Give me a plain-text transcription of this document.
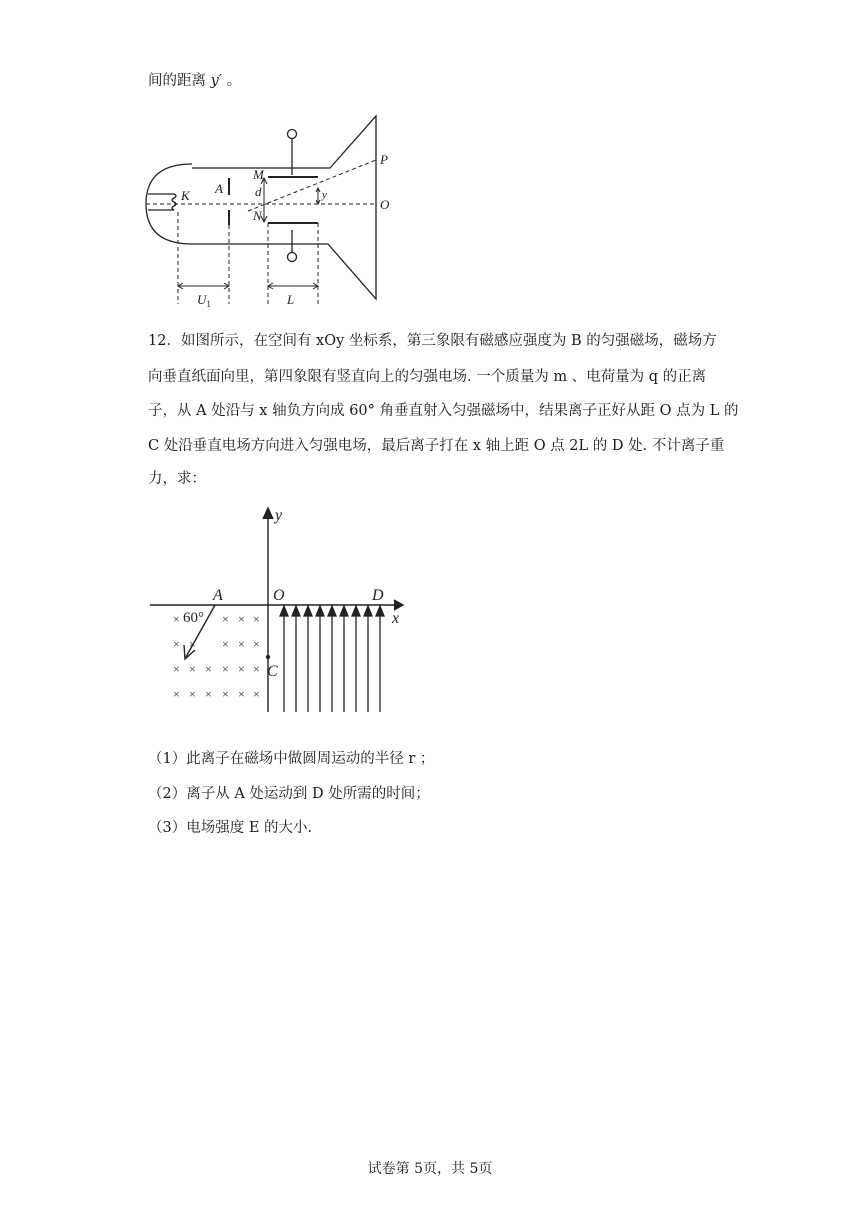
间的距离 y′ 。
K A
M
d
N
y
P
O
L
$U_1$
12．如图所示，在空间有 xOy 坐标系，第三象限有磁感应强度为 B 的匀强磁场，磁场方
向垂直纸面向里，第四象限有竖直向上的匀强电场. 一个质量为 m 、电荷量为 q 的正离
子，从 A 处沿与 x 轴负方向成 60° 角垂直射入匀强磁场中，结果离子正好从距 O 点为 L 的
C 处沿垂直电场方向进入匀强电场，最后离子打在 x 轴上距 O 点 2L 的 D 处. 不计离子重
力，求：
×	× × ×
× × × × ×
× × × × × ×
× × × × × ×
y
x
O
A	D
C
60°
（1）此离子在磁场中做圆周运动的半径 r ；
（2）离子从 A 处运动到 D 处所需的时间；
（3）电场强度 E 的大小.
试卷第 5页，共 5页
